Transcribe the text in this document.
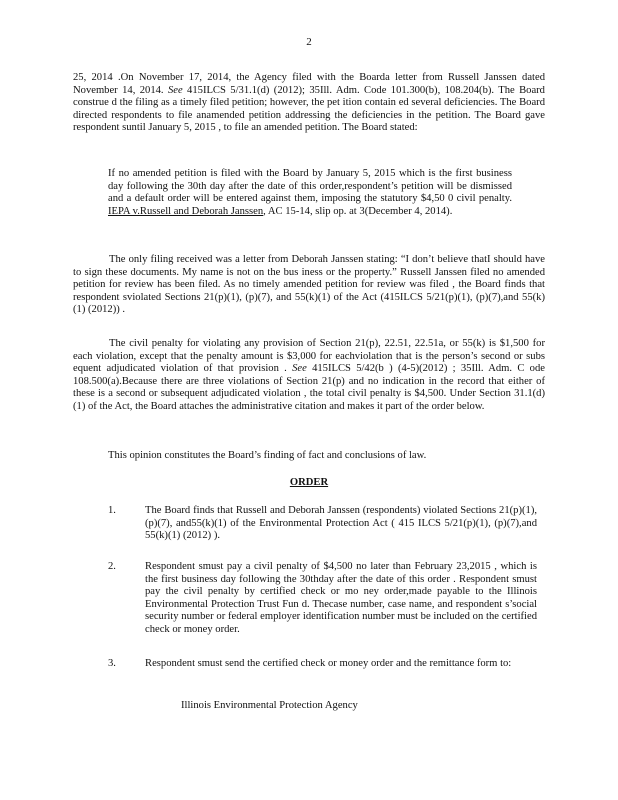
2

25, 2014 .On November 17, 2014, the Agency filed with the Boarda letter from Russell Janssen dated November 14, 2014. See 415ILCS 5/31.1(d) (2012); 35Ill. Adm. Code 101.300(b), 108.204(b). The Board construe d the filing as a timely filed petition; however, the pet ition contain ed several deficiencies. The Board directed respondents to file anamended petition addressing the deficiencies in the petition. The Board gave respondent suntil January 5, 2015 , to file an amended petition. The Board stated:

If no amended petition is filed with the Board by January 5, 2015 which is the first business day following the 30th day after the date of this order,respondent’s petition will be dismissed and a default order will be entered against them, imposing the statutory $4,50 0 civil penalty. IEPA v.Russell and Deborah Janssen, AC 15-14, slip op. at 3(December 4, 2014).

The only filing received was a letter from Deborah Janssen stating: “I don’t believe thatI should have to sign these documents. My name is not on the bus iness or the property.” Russell Janssen filed no amended petition for review has been filed. As no timely amended petition for review was filed , the Board finds that respondent sviolated Sections 21(p)(1), (p)(7), and 55(k)(1) of the Act (415ILCS 5/21(p)(1), (p)(7),and 55(k)(1) (2012)) .

The civil penalty for violating any provision of Section 21(p), 22.51, 22.51a, or 55(k) is $1,500 for each violation, except that the penalty amount is $3,000 for eachviolation that is the person’s second or subs equent adjudicated violation of that provision . See 415ILCS 5/42(b ) (4-5)(2012) ; 35Ill. Adm. C ode 108.500(a).Because there are three violations of Section 21(p) and no indication in the record that either of these is a second or subsequent adjudicated violation , the total civil penalty is $4,500. Under Section 31.1(d)(1) of the Act, the Board attaches the administrative citation and makes it part of the order below.

This opinion constitutes the Board’s finding of fact and conclusions of law.

ORDER
1.	The Board finds that Russell and Deborah Janssen (respondents) violated Sections 21(p)(1), (p)(7), and55(k)(1) of the Environmental Protection Act ( 415 ILCS 5/21(p)(1), (p)(7),and 55(k)(1) (2012) ).
2.	Respondent smust pay a civil penalty of $4,500 no later than February 23,2015 , which is the first business day following the 30thday after the date of this order . Respondent smust pay the civil penalty by certified check or mo ney order,made payable to the Illinois Environmental Protection Trust Fun d. Thecase number, case name, and respondent s’social security number or federal employer identification number must be included on the certified check or money order.
3.	Respondent smust send the certified check or money order and the remittance form to:
Illinois Environmental Protection Agency
